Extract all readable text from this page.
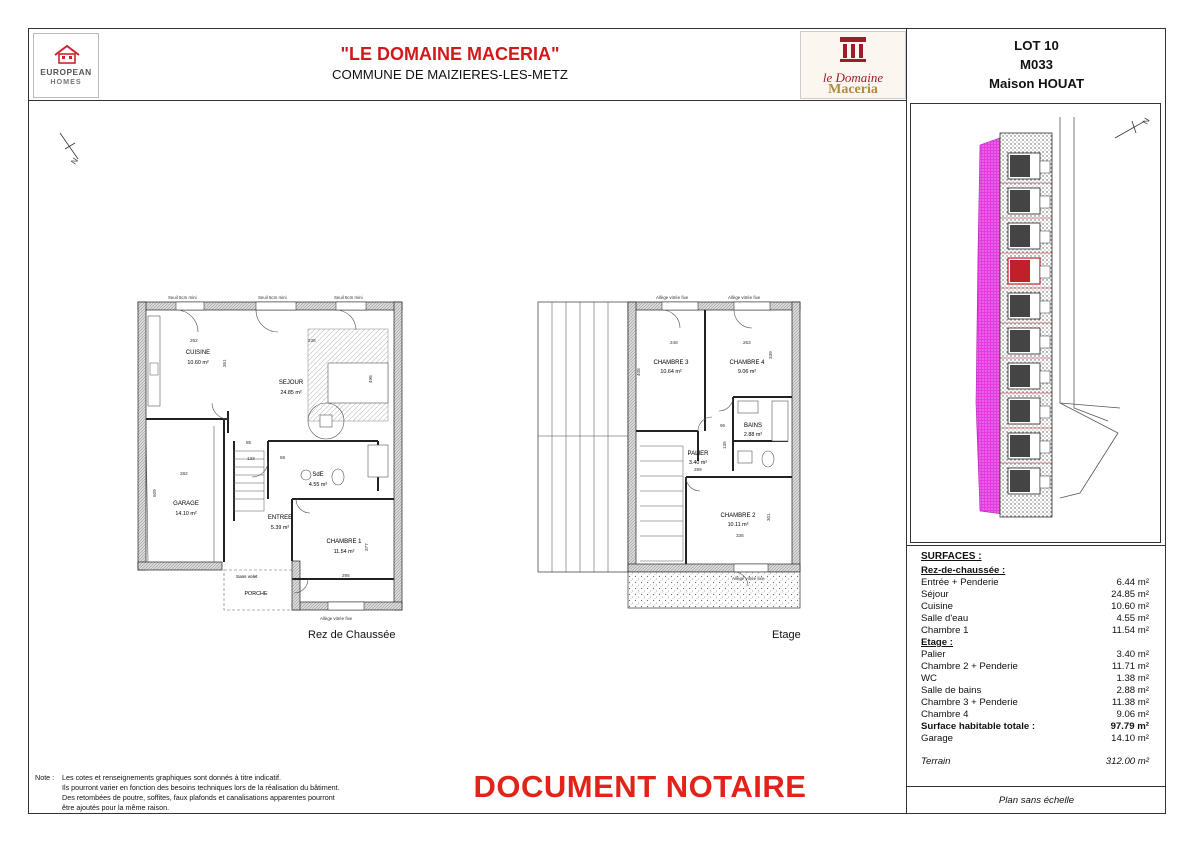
EUROPEAN
HOMES
"LE DOMAINE MACERIA"
COMMUNE DE MAIZIERES-LES-METZ	le Domaine
Maceria
LOT 10
M033
Maison HOUAT
N
SURFACES :
Rez-de-chaussée :
Entrée + Penderie	6.44 m²
Séjour	24.85 m²
Cuisine	10.60 m²
Salle d'eau	4.55 m²
Chambre 1	11.54 m²
Etage :
Palier	3.40 m²
Chambre 2 + Penderie	11.71 m²
WC	1.38 m²
Salle de bains	2.88 m²
Chambre 3 + Penderie	11.38 m²
Chambre 4	9.06 m²
Surface habitable totale :	97.79 m²
Garage	14.10 m²
Terrain	312.00 m²
Plan sans échelle
N
Seuil 5cm mini	Seuil 5cm mini	Seuil 5cm mini
Allège vitrée fixe
CUISINE
10.60 m²
SEJOUR
24.85 m²
SdE
4.55 m²
GARAGE
14.10 m²
ENTREE
5.39 m²
CHAMBRE 1
11.54 m²
PORCHE
Sans volet
262	238
351
498
282
509
133
85
295
377
88
Allège vitrée fixe	Allège vitrée fixe
Allège vitrée fixe
CHAMBRE 3
10.64 m²
CHAMBRE 4
9.06 m²
BAINS
2.88 m²
PALIER
3.40 m²
CHAMBRE 2
10.11 m²
248	263
408
339
96
135
289
336
301
Rez de Chaussée	Etage
Note : Les cotes et renseignements graphiques sont donnés à titre indicatif.
Ils pourront varier en fonction des besoins techniques lors de la réalisation du bâtiment.
Des retombées de poutre, soffites, faux plafonds et canalisations apparentes pourront
être ajoutés pour la même raison.
DOCUMENT NOTAIRE
